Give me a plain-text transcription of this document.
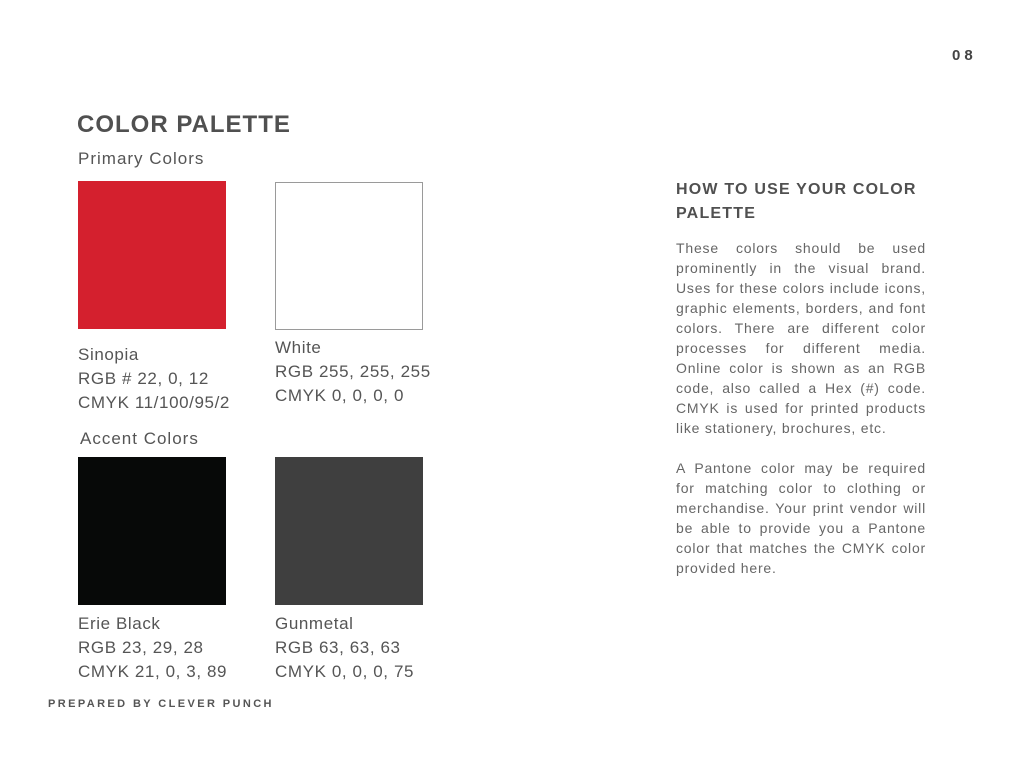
08
COLOR PALETTE
Primary Colors
Sinopia
RGB # 22, 0, 12
CMYK 11/100/95/2
White
RGB 255, 255, 255
CMYK 0, 0, 0, 0
Accent Colors
Erie Black
RGB 23, 29, 28
CMYK 21, 0, 3, 89
Gunmetal
RGB 63, 63, 63
CMYK 0, 0, 0, 75
HOW TO USE YOUR COLOR PALETTE

These colors should be used prominently in the visual brand. Uses for these colors include icons, graphic elements, borders, and font colors. There are different color processes for different media. Online color is shown as an RGB code, also called a Hex (#) code. CMYK is used for printed products like stationery, brochures, etc.

A Pantone color may be required for matching color to clothing or merchandise. Your print vendor will be able to provide you a Pantone color that matches the CMYK color provided here.

PREPARED BY CLEVER PUNCH
